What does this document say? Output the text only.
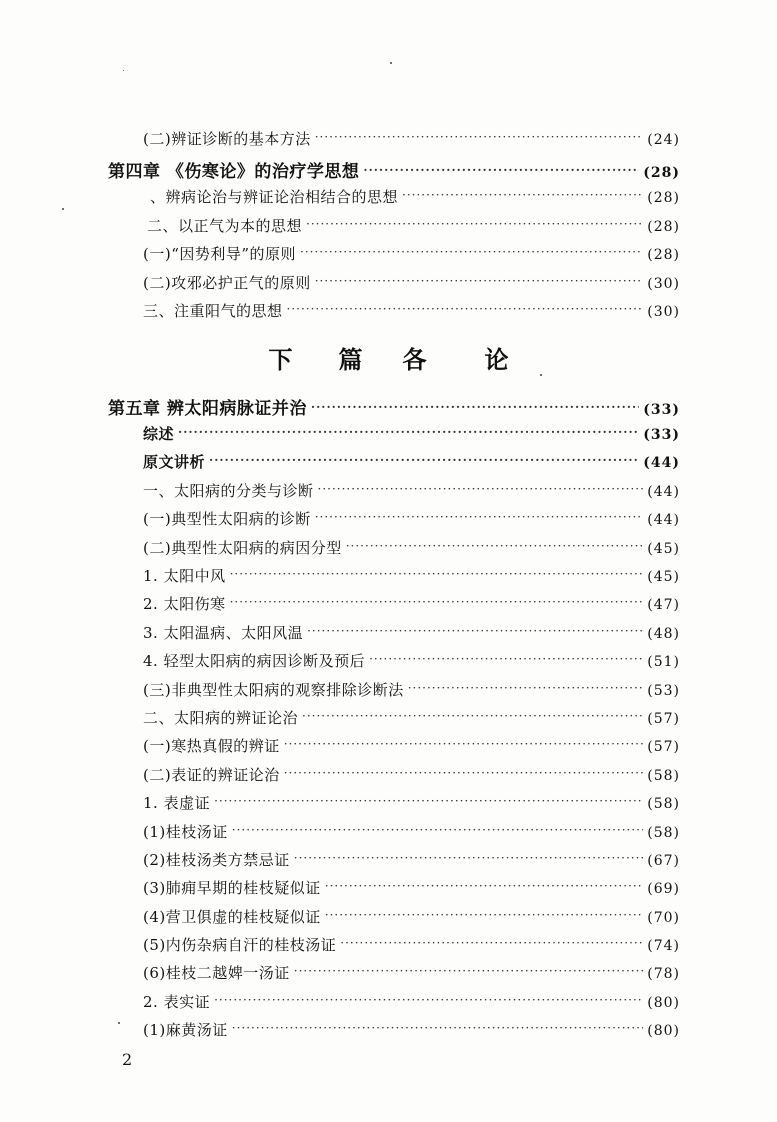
(二)辨证诊断的基本方法 ·····	(24)
第四章 《伤寒论》的治疗学思想 ·····	(28)
、辨病论治与辨证论治相结合的思想 ·····	(28)
二、以正气为本的思想 ·····	(28)
(一)“因势利导”的原则 ·····	(28)
(二)攻邪必护正气的原则 ·····	(30)
三、注重阳气的思想 ·····	(30)
第五章 辨太阳病脉证并治 ·····	(33)
综述 ·····	(33)
原文讲析 ·····	(44)
一、太阳病的分类与诊断 ·····	(44)
(一)典型性太阳病的诊断 ·····	(44)
(二)典型性太阳病的病因分型 ·····	(45)
1. 太阳中风 ·····	(45)
2. 太阳伤寒 ·····	(47)
3. 太阳温病、太阳风温 ·····	(48)
4. 轻型太阳病的病因诊断及预后 ·····	(51)
(三)非典型性太阳病的观察排除诊断法 ·····	(53)
二、太阳病的辨证论治 ·····	(57)
(一)寒热真假的辨证 ·····	(57)
(二)表证的辨证论治 ·····	(58)
1. 表虚证 ·····	(58)
(1)桂枝汤证 ·····	(58)
(2)桂枝汤类方禁忌证 ·····	(67)
(3)肺痈早期的桂枝疑似证 ·····	(69)
(4)营卫俱虚的桂枝疑似证 ·····	(70)
(5)内伤杂病自汗的桂枝汤证 ·····	(74)
(6)桂枝二越婢一汤证 ·····	(78)
2. 表实证 ·····	(80)
(1)麻黄汤证 ·····	(80)
下 篇 各 论
2
